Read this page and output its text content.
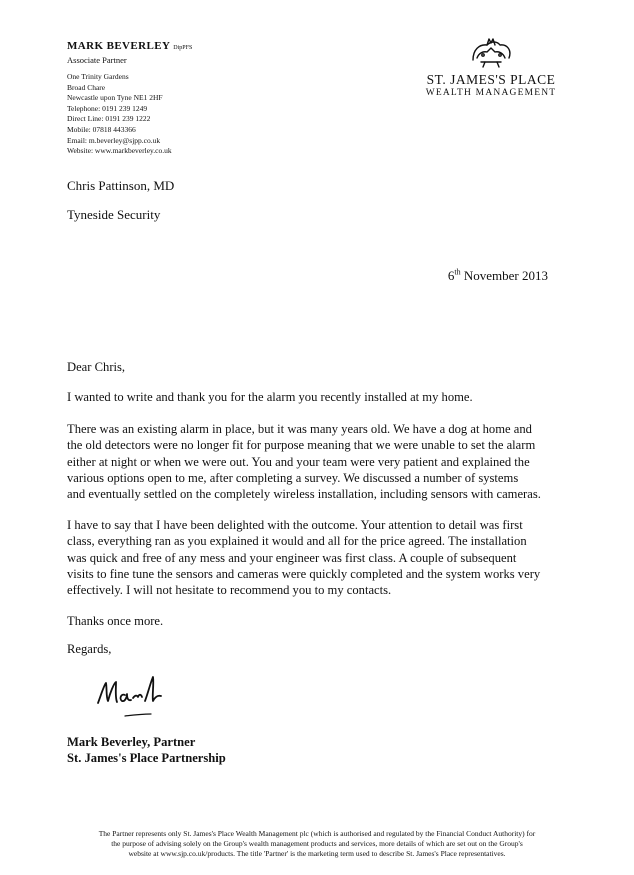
MARK BEVERLEY DipPFS
Associate Partner
One Trinity Gardens
Broad Chare
Newcastle upon Tyne NE1 2HF
Telephone: 0191 239 1249
Direct Line: 0191 239 1222
Mobile: 07818 443366
Email: m.beverley@sjpp.co.uk
Website: www.markbeverley.co.uk
ST. JAMES'S PLACE
WEALTH MANAGEMENT
Chris Pattinson, MD
Tyneside Security
6th November 2013

Dear Chris,

I wanted to write and thank you for the alarm you recently installed at my home.

There was an existing alarm in place, but it was many years old. We have a dog at home and

the old detectors were no longer fit for purpose meaning that we were unable to set the alarm

either at night or when we were out. You and your team were very patient and explained the

various options open to me, after completing a survey. We discussed a number of systems

and eventually settled on the completely wireless installation, including sensors with cameras.

I have to say that I have been delighted with the outcome. Your attention to detail was first

class, everything ran as you explained it would and all for the price agreed. The installation

was quick and free of any mess and your engineer was first class. A couple of subsequent

visits to fine tune the sensors and cameras were quickly completed and the system works very

effectively. I will not hesitate to recommend you to my contacts.

Thanks once more.

Regards,

Mark Beverley, Partner
St. James's Place Partnership
The Partner represents only St. James's Place Wealth Management plc (which is authorised and regulated by the Financial Conduct Authority) for
the purpose of advising solely on the Group's wealth management products and services, more details of which are set out on the Group's
website at www.sjp.co.uk/products. The title 'Partner' is the marketing term used to describe St. James's Place representatives.
